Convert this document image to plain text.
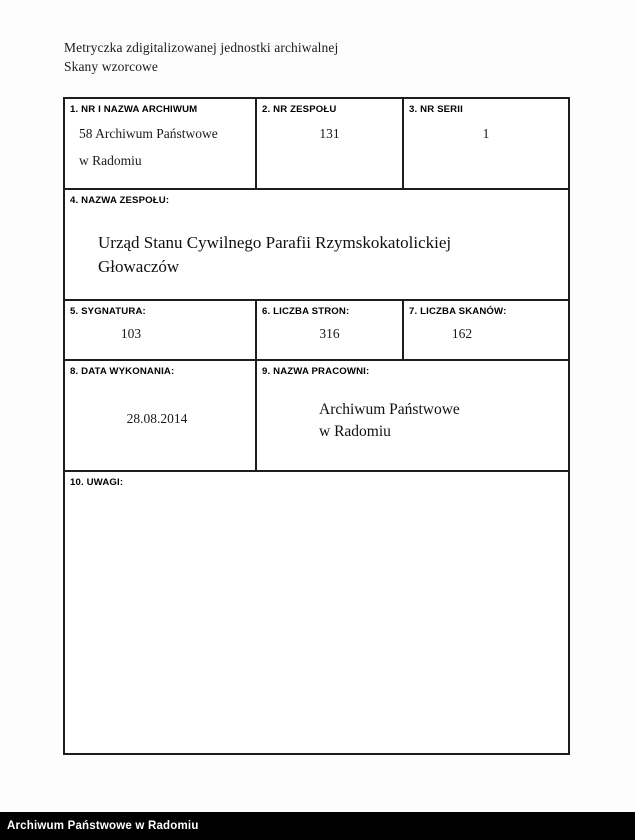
Metryczka zdigitalizowanej jednostki archiwalnej
Skany wzorcowe
1. NR I NAZWA ARCHIWUM
58 Archiwum Państwowe
w Radomiu
2. NR ZESPOŁU
131
3. NR SERII
1
4. NAZWA ZESPOŁU:
Urząd Stanu Cywilnego Parafii Rzymskokatolickiej
Głowaczów
5. SYGNATURA:
103
6. LICZBA STRON:
316
7. LICZBA SKANÓW:
162
8. DATA WYKONANIA:
28.08.2014
9. NAZWA PRACOWNI:
Archiwum Państwowe
w Radomiu
10. UWAGI:
Archiwum Państwowe w Radomiu
